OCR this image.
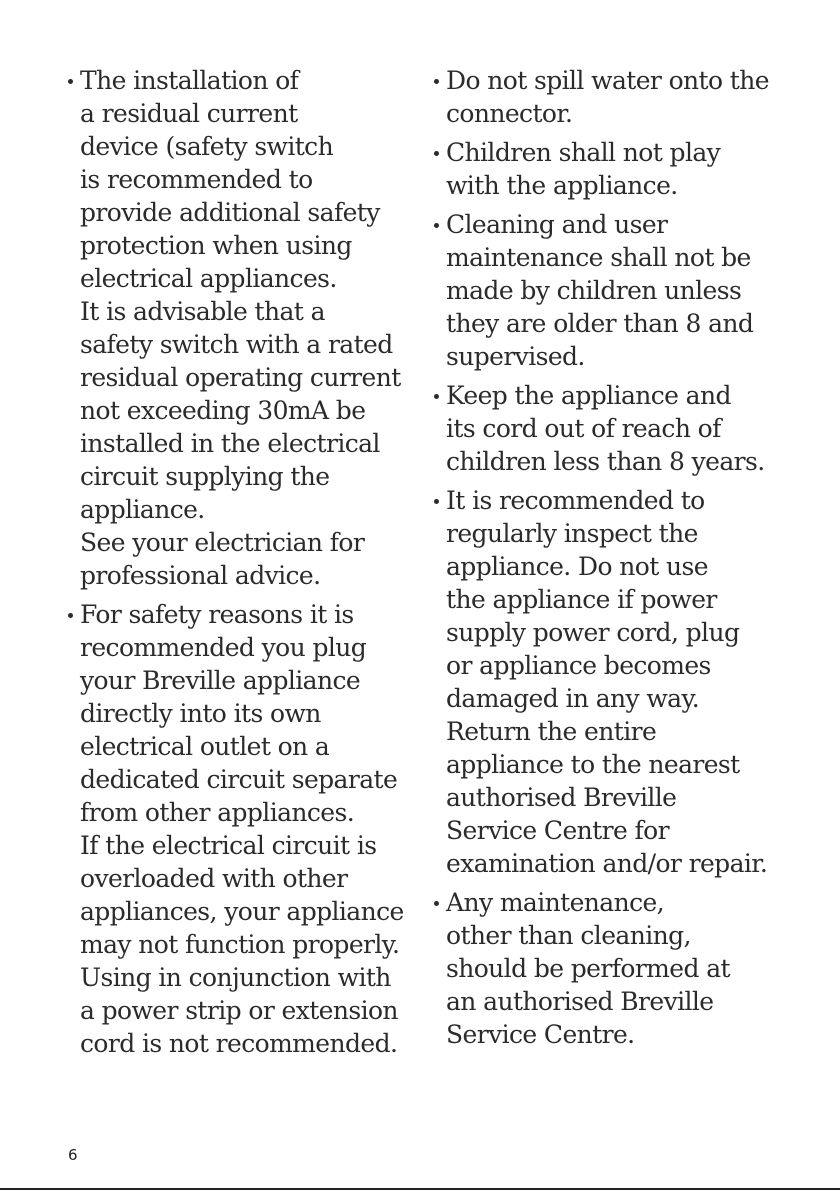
The installation of
a residual current
device (safety switch
is recommended to
provide additional safety
protection when using
electrical appliances.
It is advisable that a
safety switch with a rated
residual operating current
not exceeding 30mA be
installed in the electrical
circuit supplying the
appliance.
See your electrician for
professional advice.
For safety reasons it is
recommended you plug
your Breville appliance
directly into its own
electrical outlet on a
dedicated circuit separate
from other appliances.
If the electrical circuit is
overloaded with other
appliances, your appliance
may not function properly.
Using in conjunction with
a power strip or extension
cord is not recommended.
Do not spill water onto the
connector.
Children shall not play
with the appliance.
Cleaning and user
maintenance shall not be
made by children unless
they are older than 8 and
supervised.
Keep the appliance and
its cord out of reach of
children less than 8 years.
It is recommended to
regularly inspect the
appliance. Do not use
the appliance if power
supply power cord, plug
or appliance becomes
damaged in any way.
Return the entire
appliance to the nearest
authorised Breville
Service Centre for
examination and/or repair.
Any maintenance,
other than cleaning,
should be performed at
an authorised Breville
Service Centre.
6
